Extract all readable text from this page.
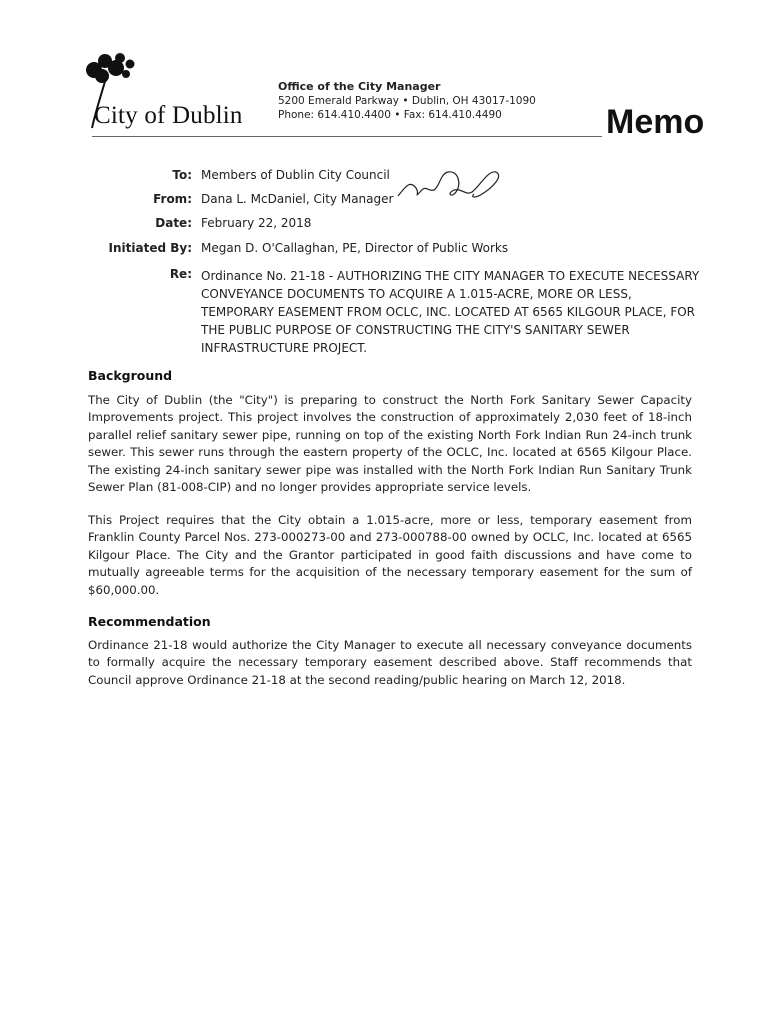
City of Dublin
Office of the City Manager
5200 Emerald Parkway • Dublin, OH 43017-1090
Phone: 614.410.4400 • Fax: 614.410.4490	Memo
To: Members of Dublin City Council
From: Dana L. McDaniel, City Manager
Date: February 22, 2018
Initiated By: Megan D. O'Callaghan, PE, Director of Public Works
Re: Ordinance No. 21-18 - AUTHORIZING THE CITY MANAGER TO EXECUTE NECESSARY CONVEYANCE DOCUMENTS TO ACQUIRE A 1.015-ACRE, MORE OR LESS, TEMPORARY EASEMENT FROM OCLC, INC. LOCATED AT 6565 KILGOUR PLACE, FOR THE PUBLIC PURPOSE OF CONSTRUCTING THE CITY'S SANITARY SEWER INFRASTRUCTURE PROJECT.
Background
The City of Dublin (the "City") is preparing to construct the North Fork Sanitary Sewer Capacity Improvements project. This project involves the construction of approximately 2,030 feet of 18-inch parallel relief sanitary sewer pipe, running on top of the existing North Fork Indian Run 24-inch trunk sewer. This sewer runs through the eastern property of the OCLC, Inc. located at 6565 Kilgour Place. The existing 24-inch sanitary sewer pipe was installed with the North Fork Indian Run Sanitary Trunk Sewer Plan (81-008-CIP) and no longer provides appropriate service levels.
This Project requires that the City obtain a 1.015-acre, more or less, temporary easement from Franklin County Parcel Nos. 273-000273-00 and 273-000788-00 owned by OCLC, Inc. located at 6565 Kilgour Place. The City and the Grantor participated in good faith discussions and have come to mutually agreeable terms for the acquisition of the necessary temporary easement for the sum of $60,000.00.
Recommendation
Ordinance 21-18 would authorize the City Manager to execute all necessary conveyance documents to formally acquire the necessary temporary easement described above. Staff recommends that Council approve Ordinance 21-18 at the second reading/public hearing on March 12, 2018.
